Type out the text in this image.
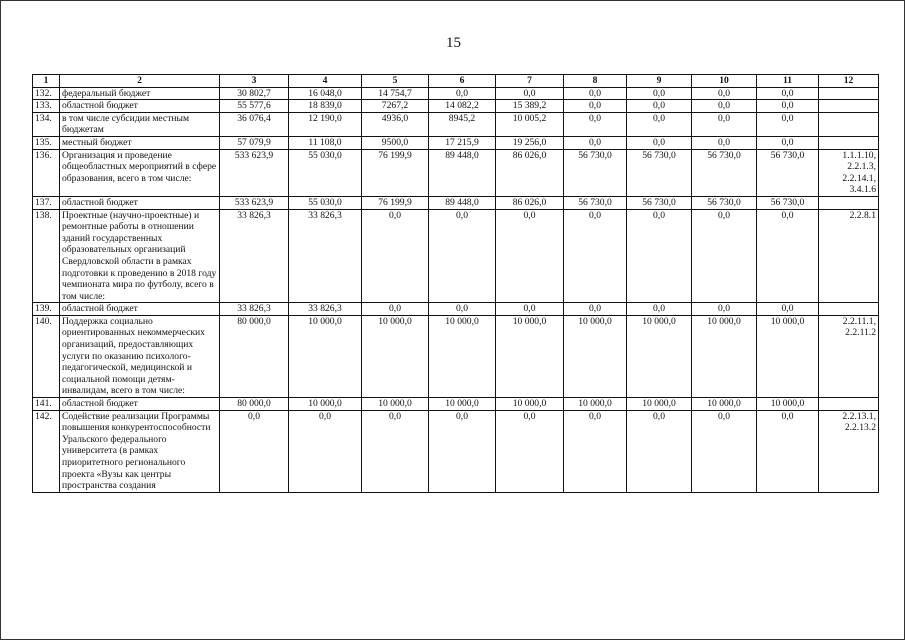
15
1	2	3	4	5	6	7	8	9	10	11	12
132.	федеральный бюджет	30 802,7	16 048,0	14 754,7	0,0	0,0	0,0	0,0	0,0	0,0	
133.	областной бюджет	55 577,6	18 839,0	7267,2	14 082,2	15 389,2	0,0	0,0	0,0	0,0	
134.	в том числе субсидии местным бюджетам	36 076,4	12 190,0	4936,0	8945,2	10 005,2	0,0	0,0	0,0	0,0	
135.	местный бюджет	57 079,9	11 108,0	9500,0	17 215,9	19 256,0	0,0	0,0	0,0	0,0	
136.	Организация и проведение общеобластных мероприятий в сфере образования, всего в том числе:	533 623,9	55 030,0	76 199,9	89 448,0	86 026,0	56 730,0	56 730,0	56 730,0	56 730,0	1.1.1.10,
2.2.1.3,
2.2.14.1,
3.4.1.6

137.	областной бюджет	533 623,9	55 030,0	76 199,9	89 448,0	86 026,0	56 730,0	56 730,0	56 730,0	56 730,0	
138.	Проектные (научно-проектные) и ремонтные работы в отношении зданий государственных образовательных организаций Свердловской области в рамках подготовки к проведению в 2018 году чемпионата мира по футболу, всего в том числе:	33 826,3	33 826,3	0,0	0,0	0,0	0,0	0,0	0,0	0,0	2.2.8.1

139.	областной бюджет	33 826,3	33 826,3	0,0	0,0	0,0	0,0	0,0	0,0	0,0	
140.	Поддержка социально ориентированных некоммерческих организаций, предоставляющих услуги по оказанию психолого-педагогической, медицинской и социальной помощи детям-инвалидам, всего в том числе:	80 000,0	10 000,0	10 000,0	10 000,0	10 000,0	10 000,0	10 000,0	10 000,0	10 000,0	2.2.11.1,
2.2.11.2

141.	областной бюджет	80 000,0	10 000,0	10 000,0	10 000,0	10 000,0	10 000,0	10 000,0	10 000,0	10 000,0	
142.	Содействие реализации Программы повышения конкурентоспособности Уральского федерального университета (в рамках приоритетного регионального проекта «Вузы как центры пространства создания	0,0	0,0	0,0	0,0	0,0	0,0	0,0	0,0	0,0	2.2.13.1,
2.2.13.2
